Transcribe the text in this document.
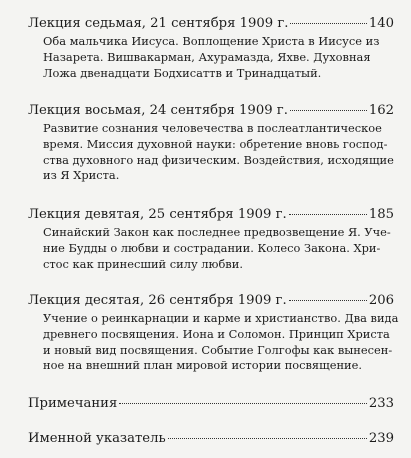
Лекция седьмая, 21 сентября 1909 г.	140
Оба мальчика Иисуса. Воплощение Христа в Иисусе из
Назарета. Вишвакарман, Ахурамазда, Яхве. Духовная
Ложа двенадцати Бодхисаттв и Тринадцатый.
Лекция восьмая, 24 сентября 1909 г.	162
Развитие сознания человечества в послеатлантическое
время. Миссия духовной науки: обретение вновь господ-
ства духовного над физическим. Воздействия, исходящие
из Я Христа.
Лекция девятая, 25 сентября 1909 г.	185
Синайский Закон как последнее предвозвещение Я. Уче-
ние Будды о любви и сострадании. Колесо Закона. Хри-
стос как принесший силу любви.
Лекция десятая, 26 сентября 1909 г.	206
Учение о реинкарнации и карме и христианство. Два вида
древнего посвящения. Иона и Соломон. Принцип Христа
и новый вид посвящения. Событие Голгофы как вынесен-
ное на внешний план мировой истории посвящение.
Примечания	233
Именной указатель	239
